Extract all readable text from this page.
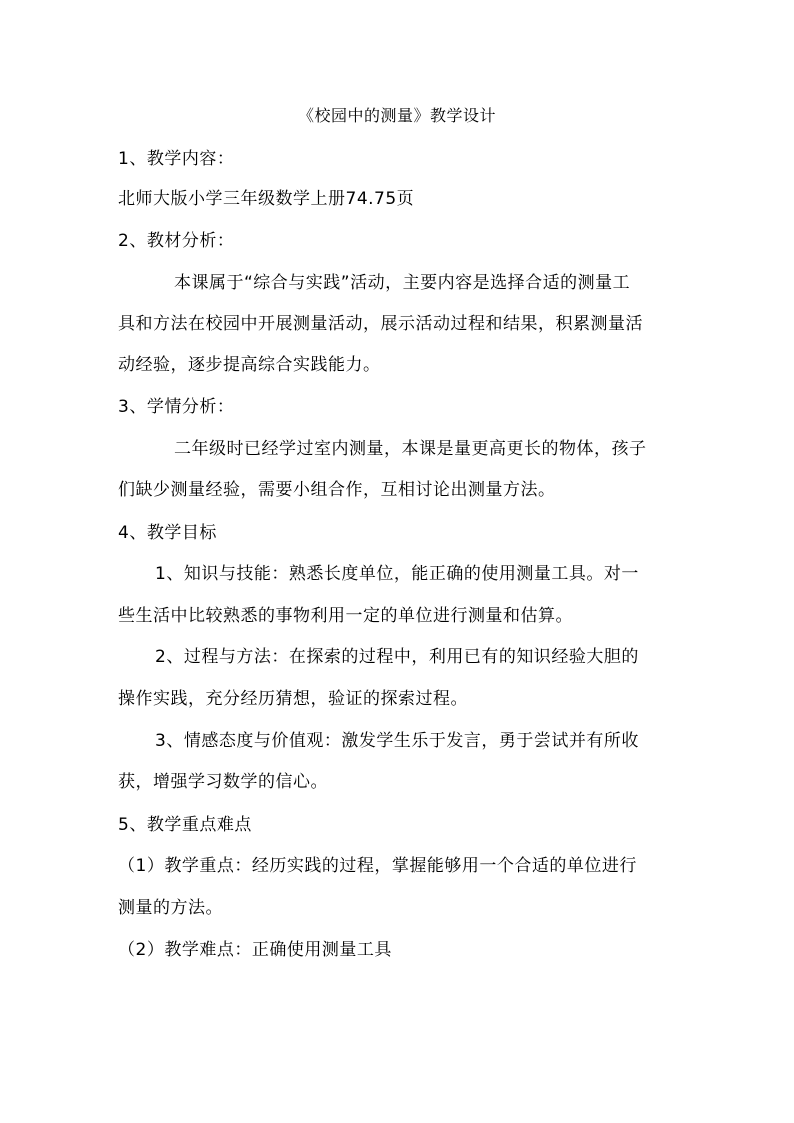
《校园中的测量》教学设计
1、教学内容：
北师大版小学三年级数学上册74.75页
2、教材分析：
本课属于“综合与实践”活动，主要内容是选择合适的测量工
具和方法在校园中开展测量活动，展示活动过程和结果，积累测量活
动经验，逐步提高综合实践能力。
3、学情分析：
二年级时已经学过室内测量，本课是量更高更长的物体，孩子
们缺少测量经验，需要小组合作，互相讨论出测量方法。
4、教学目标
1、知识与技能：熟悉长度单位，能正确的使用测量工具。对一
些生活中比较熟悉的事物利用一定的单位进行测量和估算。
2、过程与方法：在探索的过程中，利用已有的知识经验大胆的
操作实践，充分经历猜想，验证的探索过程。
3、情感态度与价值观：激发学生乐于发言，勇于尝试并有所收
获，增强学习数学的信心。
5、教学重点难点
（1）教学重点：经历实践的过程，掌握能够用一个合适的单位进行
测量的方法。
（2）教学难点：正确使用测量工具
